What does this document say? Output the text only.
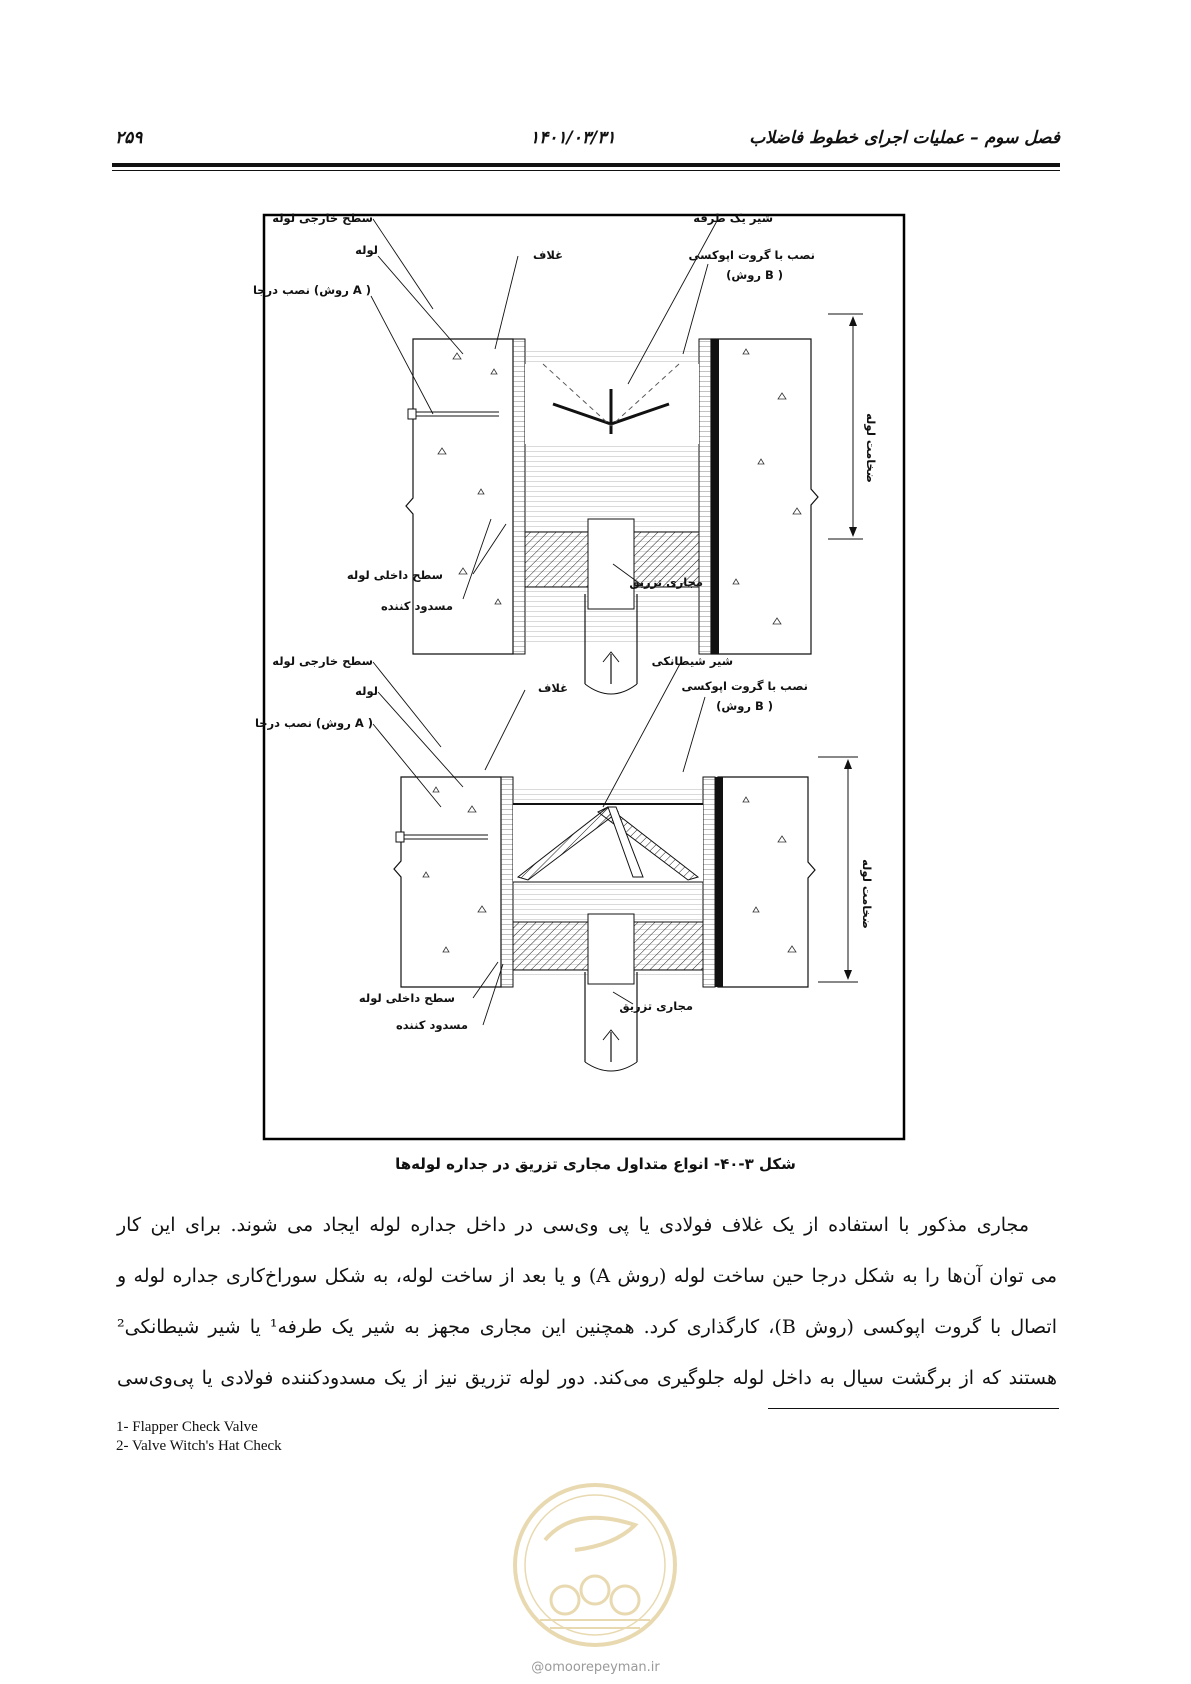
فصل سوم – عملیات اجرای خطوط فاضلاب
۱۴۰۱/۰۳/۳۱
۲۵۹
ضخامت لوله
سطح خارجی لوله
لوله
نصب درجا (روش A )
غلاف
شیر یک طرفه
نصب با گروت اپوکسی
(روش B )
سطح داخلی لوله
مسدود کننده
مجاری تزریق
ضخامت لوله
سطح خارجی لوله
لوله
نصب درجا (روش A )
غلاف
شیر شیطانکی
نصب با گروت اپوکسی
(روش B )
سطح داخلی لوله
مسدود کننده
مجاری تزریق
شکل ۳-۴۰- انواع متداول مجاری تزریق در جداره لوله‌ها

مجاری مذکور با استفاده از یک غلاف فولادی یا پی وی‌سی در داخل جداره لوله ایجاد می شوند. برای این کار

می توان آن‌ها را به شکل درجا حین ساخت لوله (روش A) و یا بعد از ساخت لوله، به شکل سوراخ‌کاری جداره لوله و

اتصال با گروت اپوکسی (روش B)، کارگذاری کرد. همچنین این مجاری مجهز به شیر یک طرفه¹ یا شیر شیطانکی²

هستند که از برگشت سیال به داخل لوله جلوگیری می‌کند. دور لوله تزریق نیز از یک مسدودکننده فولادی یا پی‌وی‌سی

1- Flapper Check Valve
2- Valve Witch's Hat Check
@omoorepeyman.ir
